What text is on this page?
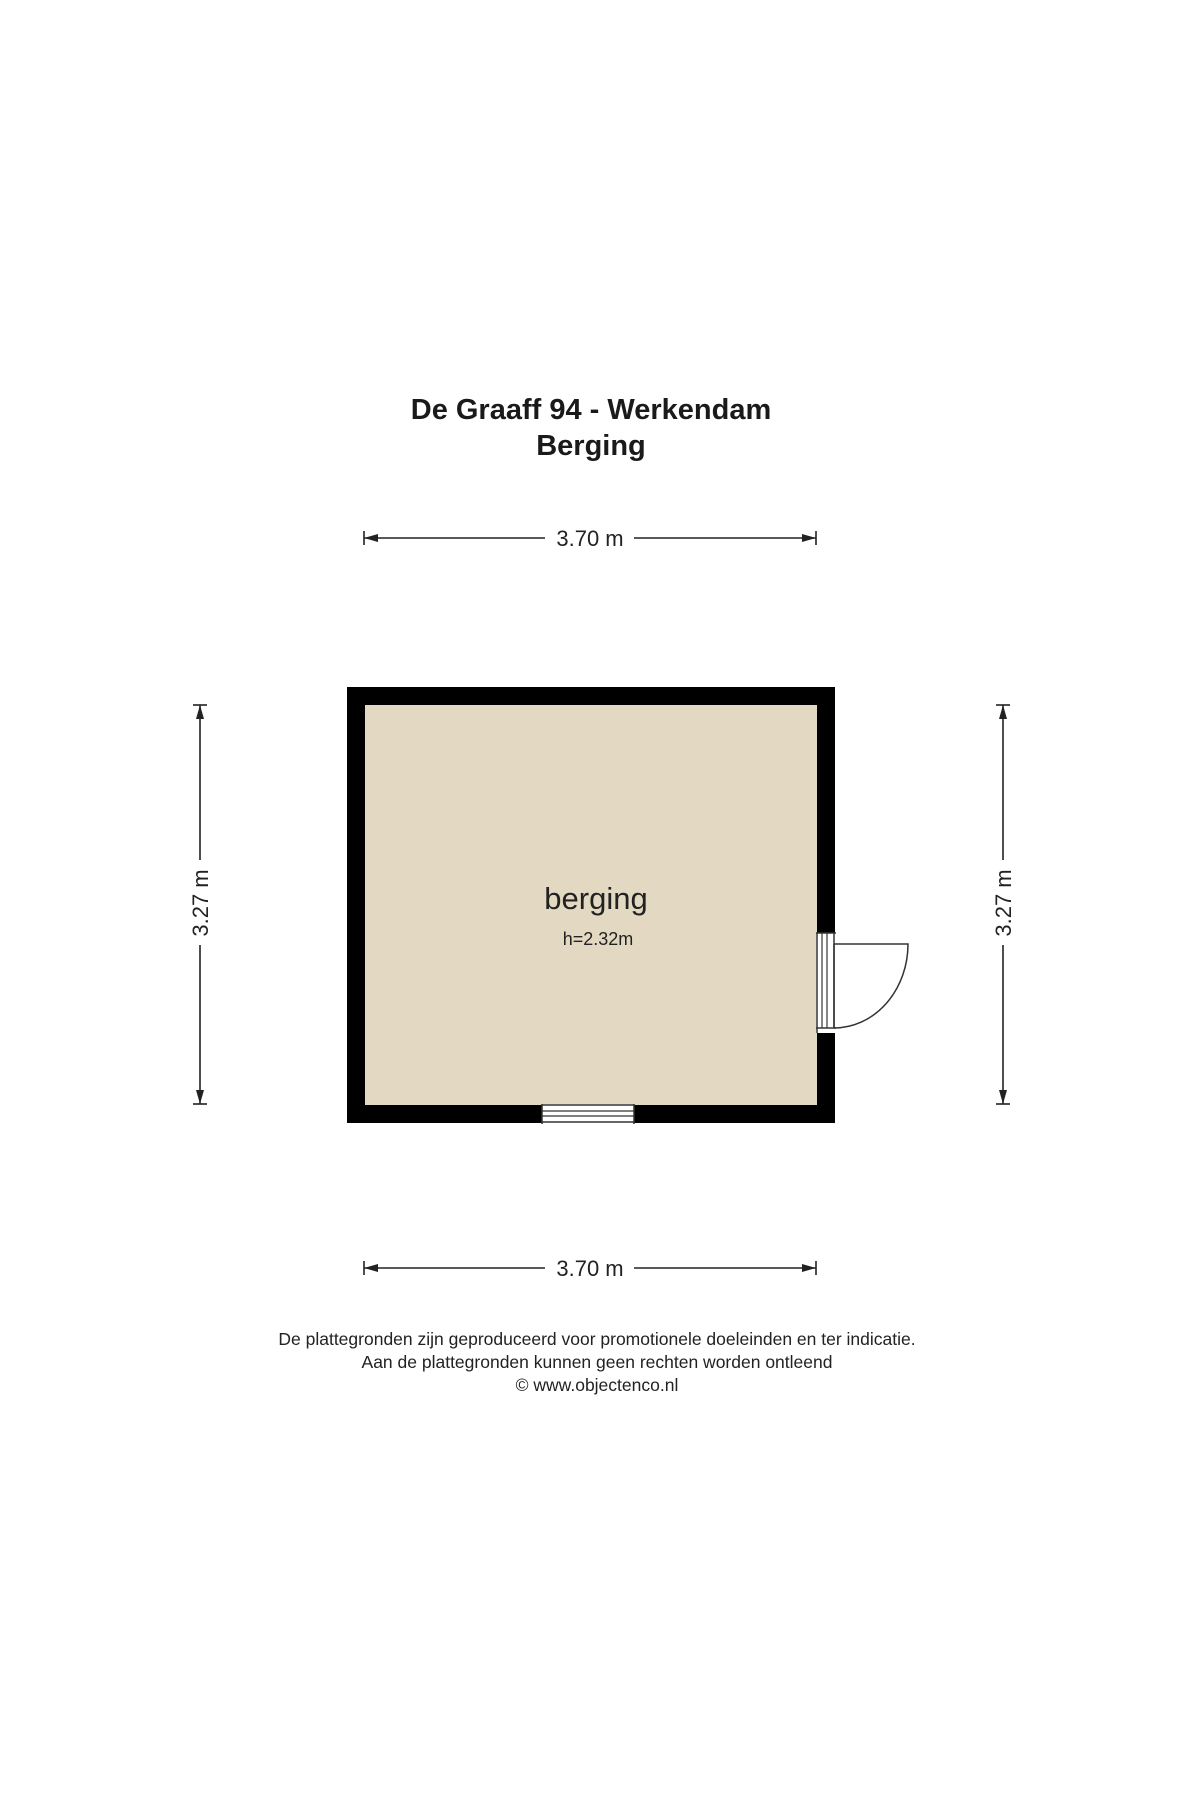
De Graaff 94 - Werkendam
Berging
3.70 m
3.70 m
3.27 m	3.27 m
berging
h=2.32m
De plattegronden zijn geproduceerd voor promotionele doeleinden en ter indicatie.
Aan de plattegronden kunnen geen rechten worden ontleend
© www.objectenco.nl
